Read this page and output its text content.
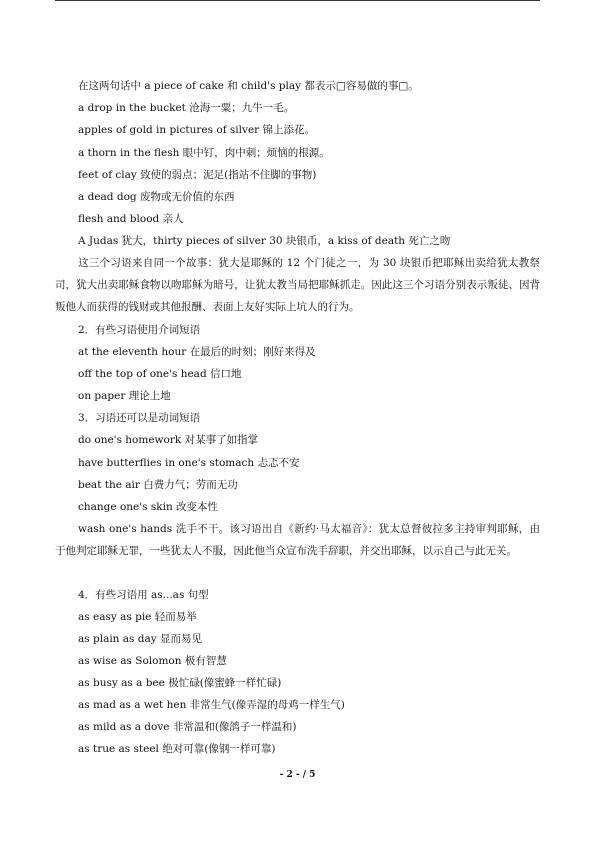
在这两句话中 a piece of cake 和 child's play 都表示□容易做的事□。
a drop in the bucket 沧海一粟；九牛一毛。
apples of gold in pictures of silver 锦上添花。
a thorn in the flesh 眼中钉，肉中刺；烦恼的根源。
feet of clay 致使的弱点；泥足(指站不住脚的事物)
a dead dog 废物或无价值的东西
flesh and blood 亲人
A Judas 犹大，thirty pieces of silver 30 块银币，a kiss of death 死亡之吻
这三个习语来自同一个故事：犹大是耶稣的 12 个门徒之一，为 30 块银币把耶稣出卖给犹太教祭司，犹大出卖耶稣食物以吻耶稣为暗号，让犹太教当局把耶稣抓走。因此这三个习语分别表示叛徒、因背叛他人而获得的钱财或其他报酬、表面上友好实际上坑人的行为。
2．有些习语使用介词短语
at the eleventh hour 在最后的时刻；刚好来得及
off the top of one's head 信口地
on paper 理论上地
3．习语还可以是动词短语
do one's homework 对某事了如指掌
have butterflies in one's stomach 忐忑不安
beat the air 白费力气；劳而无功
change one's skin 改变本性
wash one's hands 洗手不干。该习语出自《新约·马太福音》：犹太总督彼拉多主持审判耶稣，由于他判定耶稣无罪，一些犹太人不服，因此他当众宣布洗手辞职，并交出耶稣，以示自己与此无关。
4．有些习语用 as...as 句型
as easy as pie 轻而易举
as plain as day 显而易见
as wise as Solomon 极有智慧
as busy as a bee 极忙碌(像蜜蜂一样忙碌)
as mad as a wet hen 非常生气(像弄湿的母鸡一样生气)
as mild as a dove 非常温和(像鸽子一样温和)
as true as steel 绝对可靠(像钢一样可靠)
- 2 - / 5
